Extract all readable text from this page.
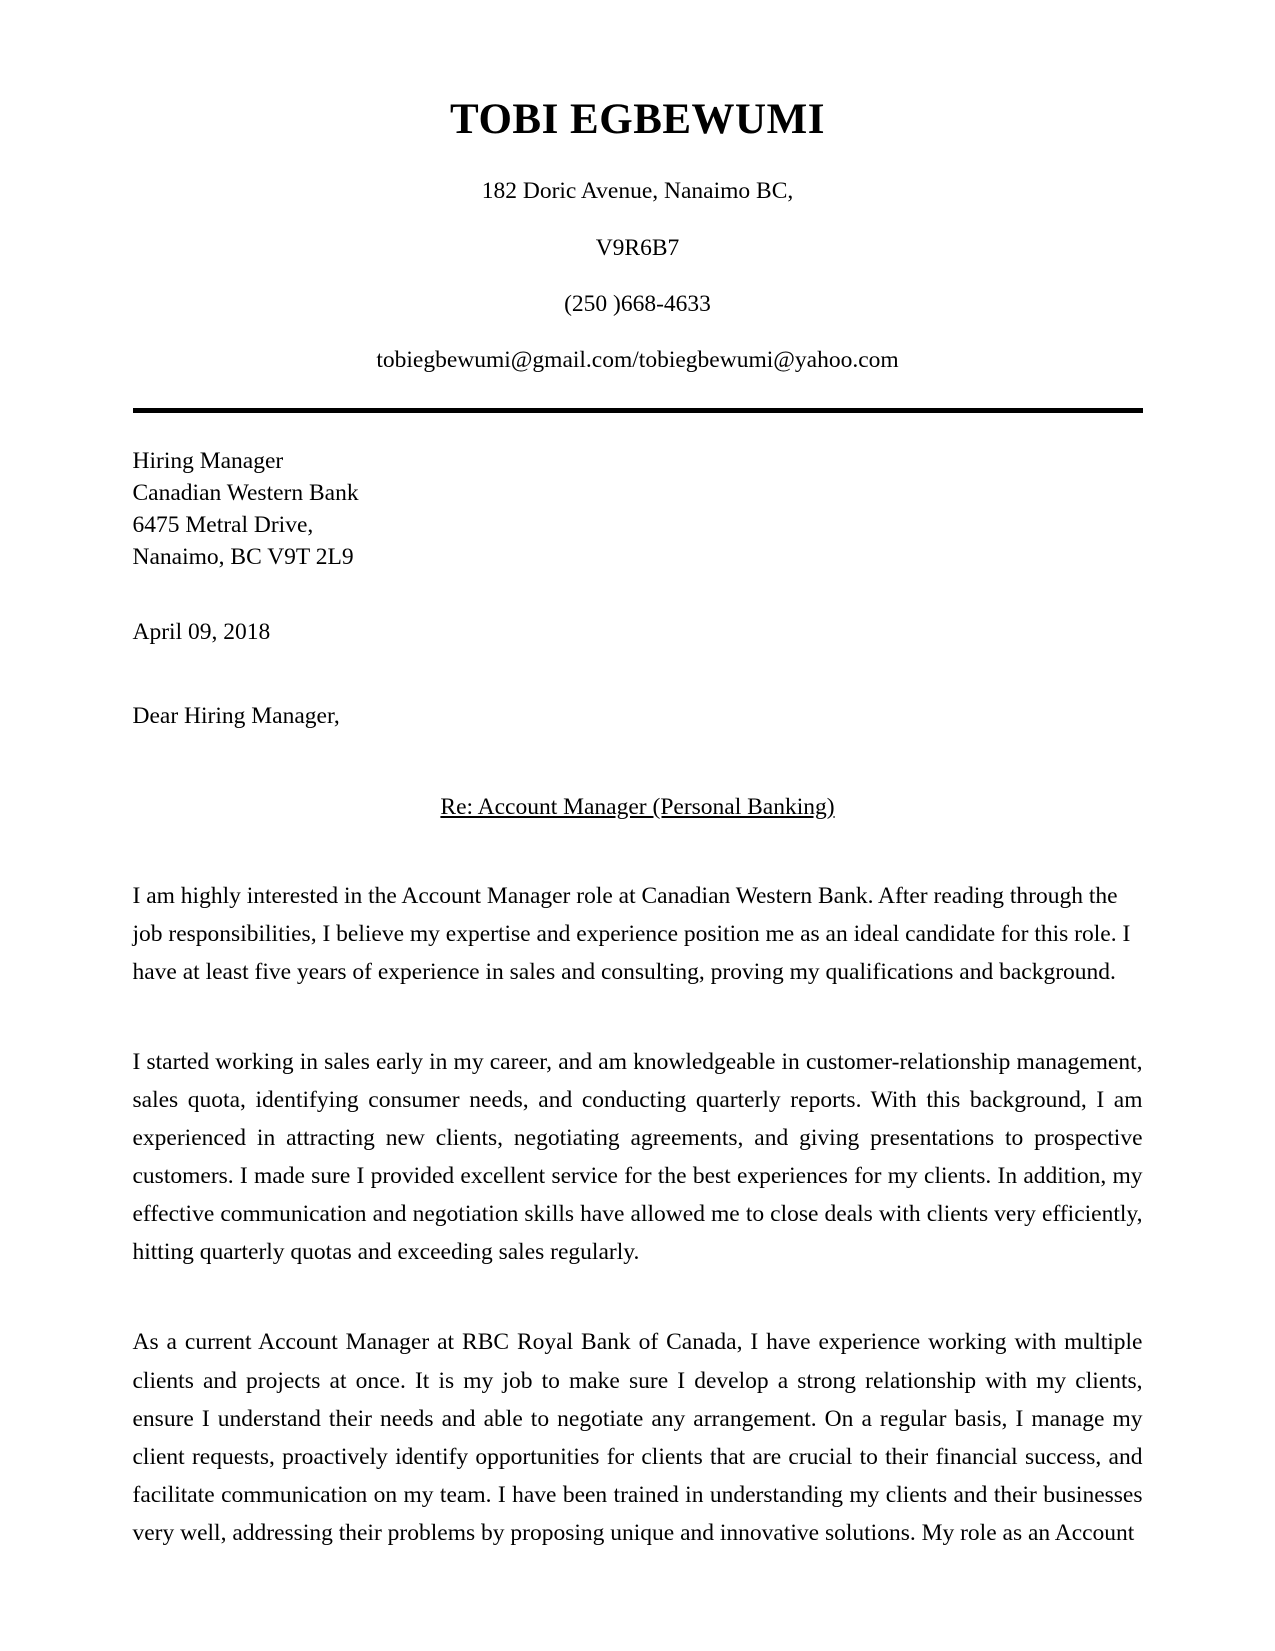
TOBI EGBEWUMI
182 Doric Avenue, Nanaimo BC,
V9R6B7
(250 )668-4633
tobiegbewumi@gmail.com/tobiegbewumi@yahoo.com
Hiring Manager
Canadian Western Bank
6475 Metral Drive,
Nanaimo, BC V9T 2L9
April 09, 2018
Dear Hiring Manager,
Re: Account Manager (Personal Banking)

I am highly interested in the Account Manager role at Canadian Western Bank. After reading through the job responsibilities, I believe my expertise and experience position me as an ideal candidate for this role. I have at least five years of experience in sales and consulting, proving my qualifications and background.

I started working in sales early in my career, and am knowledgeable in customer-relationship management, sales quota, identifying consumer needs, and conducting quarterly reports. With this background, I am experienced in attracting new clients, negotiating agreements, and giving presentations to prospective customers. I made sure I provided excellent service for the best experiences for my clients. In addition, my effective communication and negotiation skills have allowed me to close deals with clients very efficiently, hitting quarterly quotas and exceeding sales regularly.

As a current Account Manager at RBC Royal Bank of Canada, I have experience working with multiple clients and projects at once. It is my job to make sure I develop a strong relationship with my clients, ensure I understand their needs and able to negotiate any arrangement. On a regular basis, I manage my client requests, proactively identify opportunities for clients that are crucial to their financial success, and facilitate communication on my team. I have been trained in understanding my clients and their businesses very well, addressing their problems by proposing unique and innovative solutions. My role as an Account
